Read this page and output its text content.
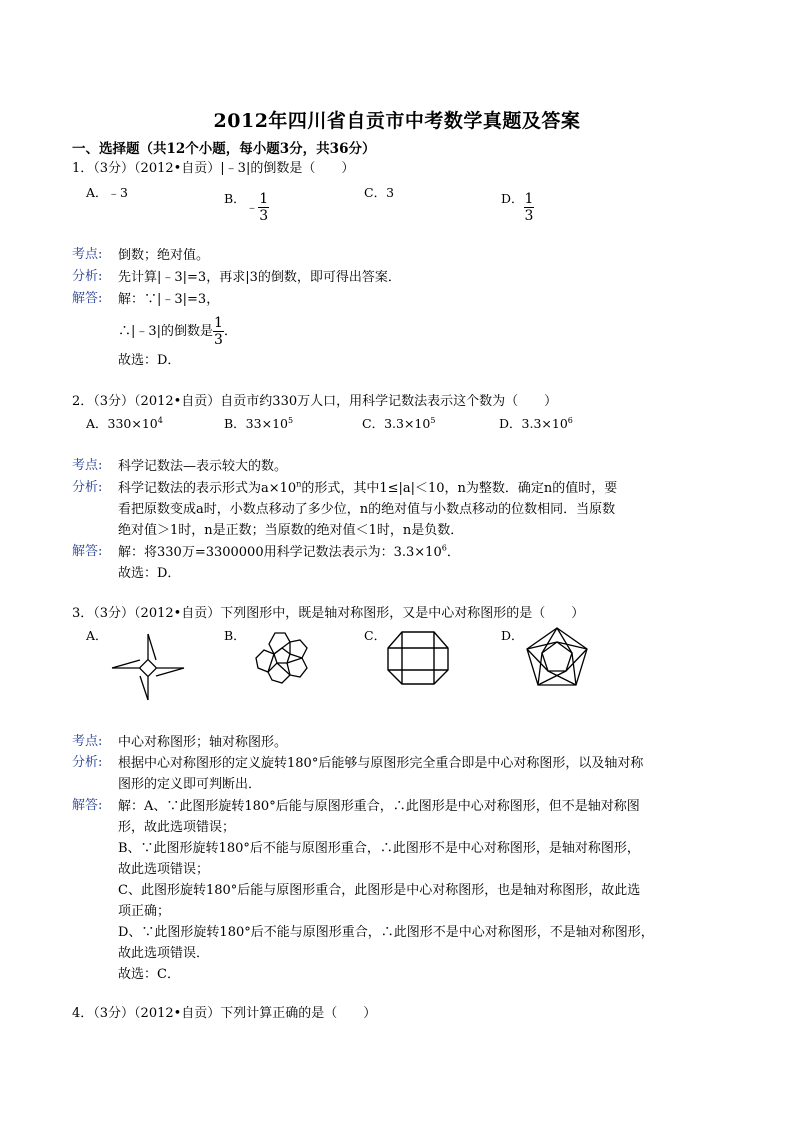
2012年四川省自贡市中考数学真题及答案
一、选择题（共12个小题，每小题3分，共36分）
1．（3分）（2012•自贡）|﹣3|的倒数是（　　）
A．﹣3	B．﹣ $\frac{1}{3}$	C．3	D． $\frac{1}{3}$
考点: 倒数；绝对值。
分析: 先计算|﹣3|=3，再求|3的倒数，即可得出答案．
解答: 解：∵|﹣3|=3，
∴|﹣3|的倒数是 $\frac{1}{3}$ ．
故选：D．
2．（3分）（2012•自贡）自贡市约330万人口，用科学记数法表示这个数为（　　）
A．$330\times 10^4$	B．$33\times 10^5$	C．$3.3\times 10^5$	D．$3.3\times 10^6$
考点: 科学记数法—表示较大的数。
分析: 科学记数法的表示形式为$a\times 10^n$的形式，其中1≤|a|＜10，n为整数．确定n的值时，要
看把原数变成a时，小数点移动了多少位，n的绝对值与小数点移动的位数相同．当原数
绝对值＞1时，n是正数；当原数的绝对值＜1时，n是负数．
解答: 解：将330万=3300000用科学记数法表示为：$3.3\times 10^6$．
故选：D．
3．（3分）（2012•自贡）下列图形中，既是轴对称图形，又是中心对称图形的是（　　）
A．	B．	C．	D．
考点: 中心对称图形；轴对称图形。
分析: 根据中心对称图形的定义旋转180°后能够与原图形完全重合即是中心对称图形，以及轴对称
图形的定义即可判断出．
解答: 解：A、∵此图形旋转180°后能与原图形重合，∴此图形是中心对称图形，但不是轴对称图
形，故此选项错误；
B、∵此图形旋转180°后不能与原图形重合，∴此图形不是中心对称图形，是轴对称图形，
故此选项错误；
C、此图形旋转180°后能与原图形重合，此图形是中心对称图形，也是轴对称图形，故此选
项正确；
D、∵此图形旋转180°后不能与原图形重合，∴此图形不是中心对称图形，不是轴对称图形，
故此选项错误．
故选：C．
4．（3分）（2012•自贡）下列计算正确的是（　　）
